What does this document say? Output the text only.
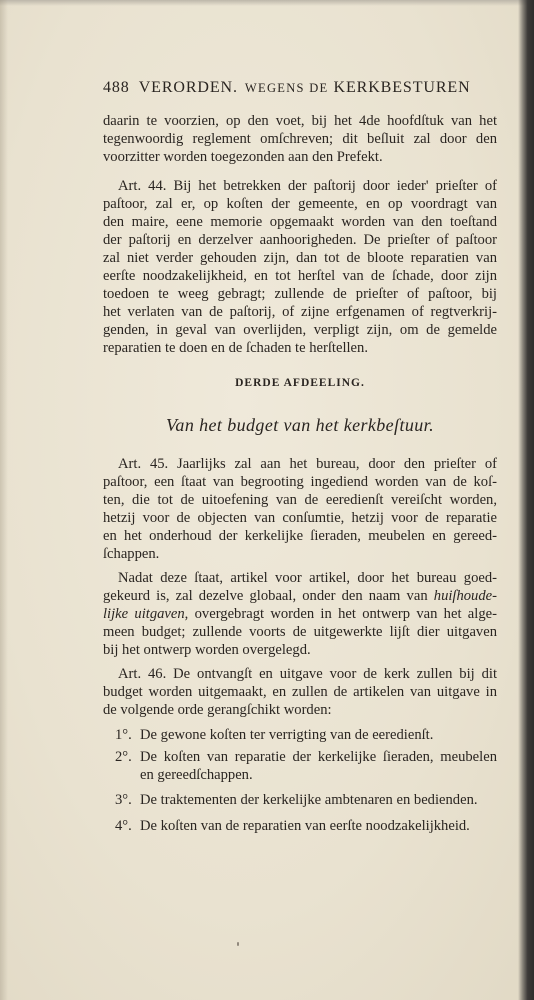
488 VERORDEN. WEGENS DE KERKBESTUREN
daarin te voorzien, op den voet, bij het 4de hoofdſtuk van het
tegenwoordig reglement omſchreven; dit beſluit zal door den
voorzitter worden toegezonden aan den Prefekt.
Art. 44. Bij het betrekken der paſtorij door ieder' prieſter of
paſtoor, zal er, op koſten der gemeente, en op voordragt van
den maire, eene memorie opgemaakt worden van den toeſtand
der paſtorij en derzelver aanhoorigheden. De prieſter of paſtoor
zal niet verder gehouden zijn, dan tot de bloote reparatien van
eerſte noodzakelijkheid, en tot herſtel van de ſchade, door zijn
toedoen te weeg gebragt; zullende de prieſter of paſtoor, bij
het verlaten van de paſtorij, of zijne erfgenamen of regtverkrij-
genden, in geval van overlijden, verpligt zijn, om de gemelde
reparatien te doen en de ſchaden te herſtellen.
DERDE AFDEELING.
Van het budget van het kerkbeſtuur.
Art. 45. Jaarlijks zal aan het bureau, door den prieſter of
paſtoor, een ſtaat van begrooting ingediend worden van de koſ-
ten, die tot de uitoefening van de eeredienſt vereiſcht worden,
hetzij voor de objecten van conſumtie, hetzij voor de reparatie
en het onderhoud der kerkelijke ſieraden, meubelen en gereed-
ſchappen.
Nadat deze ſtaat, artikel voor artikel, door het bureau goed-
gekeurd is, zal dezelve globaal, onder den naam van huiſhoude-
lijke uitgaven, overgebragt worden in het ontwerp van het alge-
meen budget; zullende voorts de uitgewerkte lijſt dier uitgaven
bij het ontwerp worden overgelegd.
Art. 46. De ontvangſt en uitgave voor de kerk zullen bij dit
budget worden uitgemaakt, en zullen de artikelen van uitgave in
de volgende orde gerangſchikt worden:
1°. De gewone koſten ter verrigting van de eeredienſt.
2°. De koſten van reparatie der kerkelijke ſieraden, meubelen
en gereedſchappen.
3°. De traktementen der kerkelijke ambtenaren en bedienden.
4°. De koſten van de reparatien van eerſte noodzakelijkheid.
